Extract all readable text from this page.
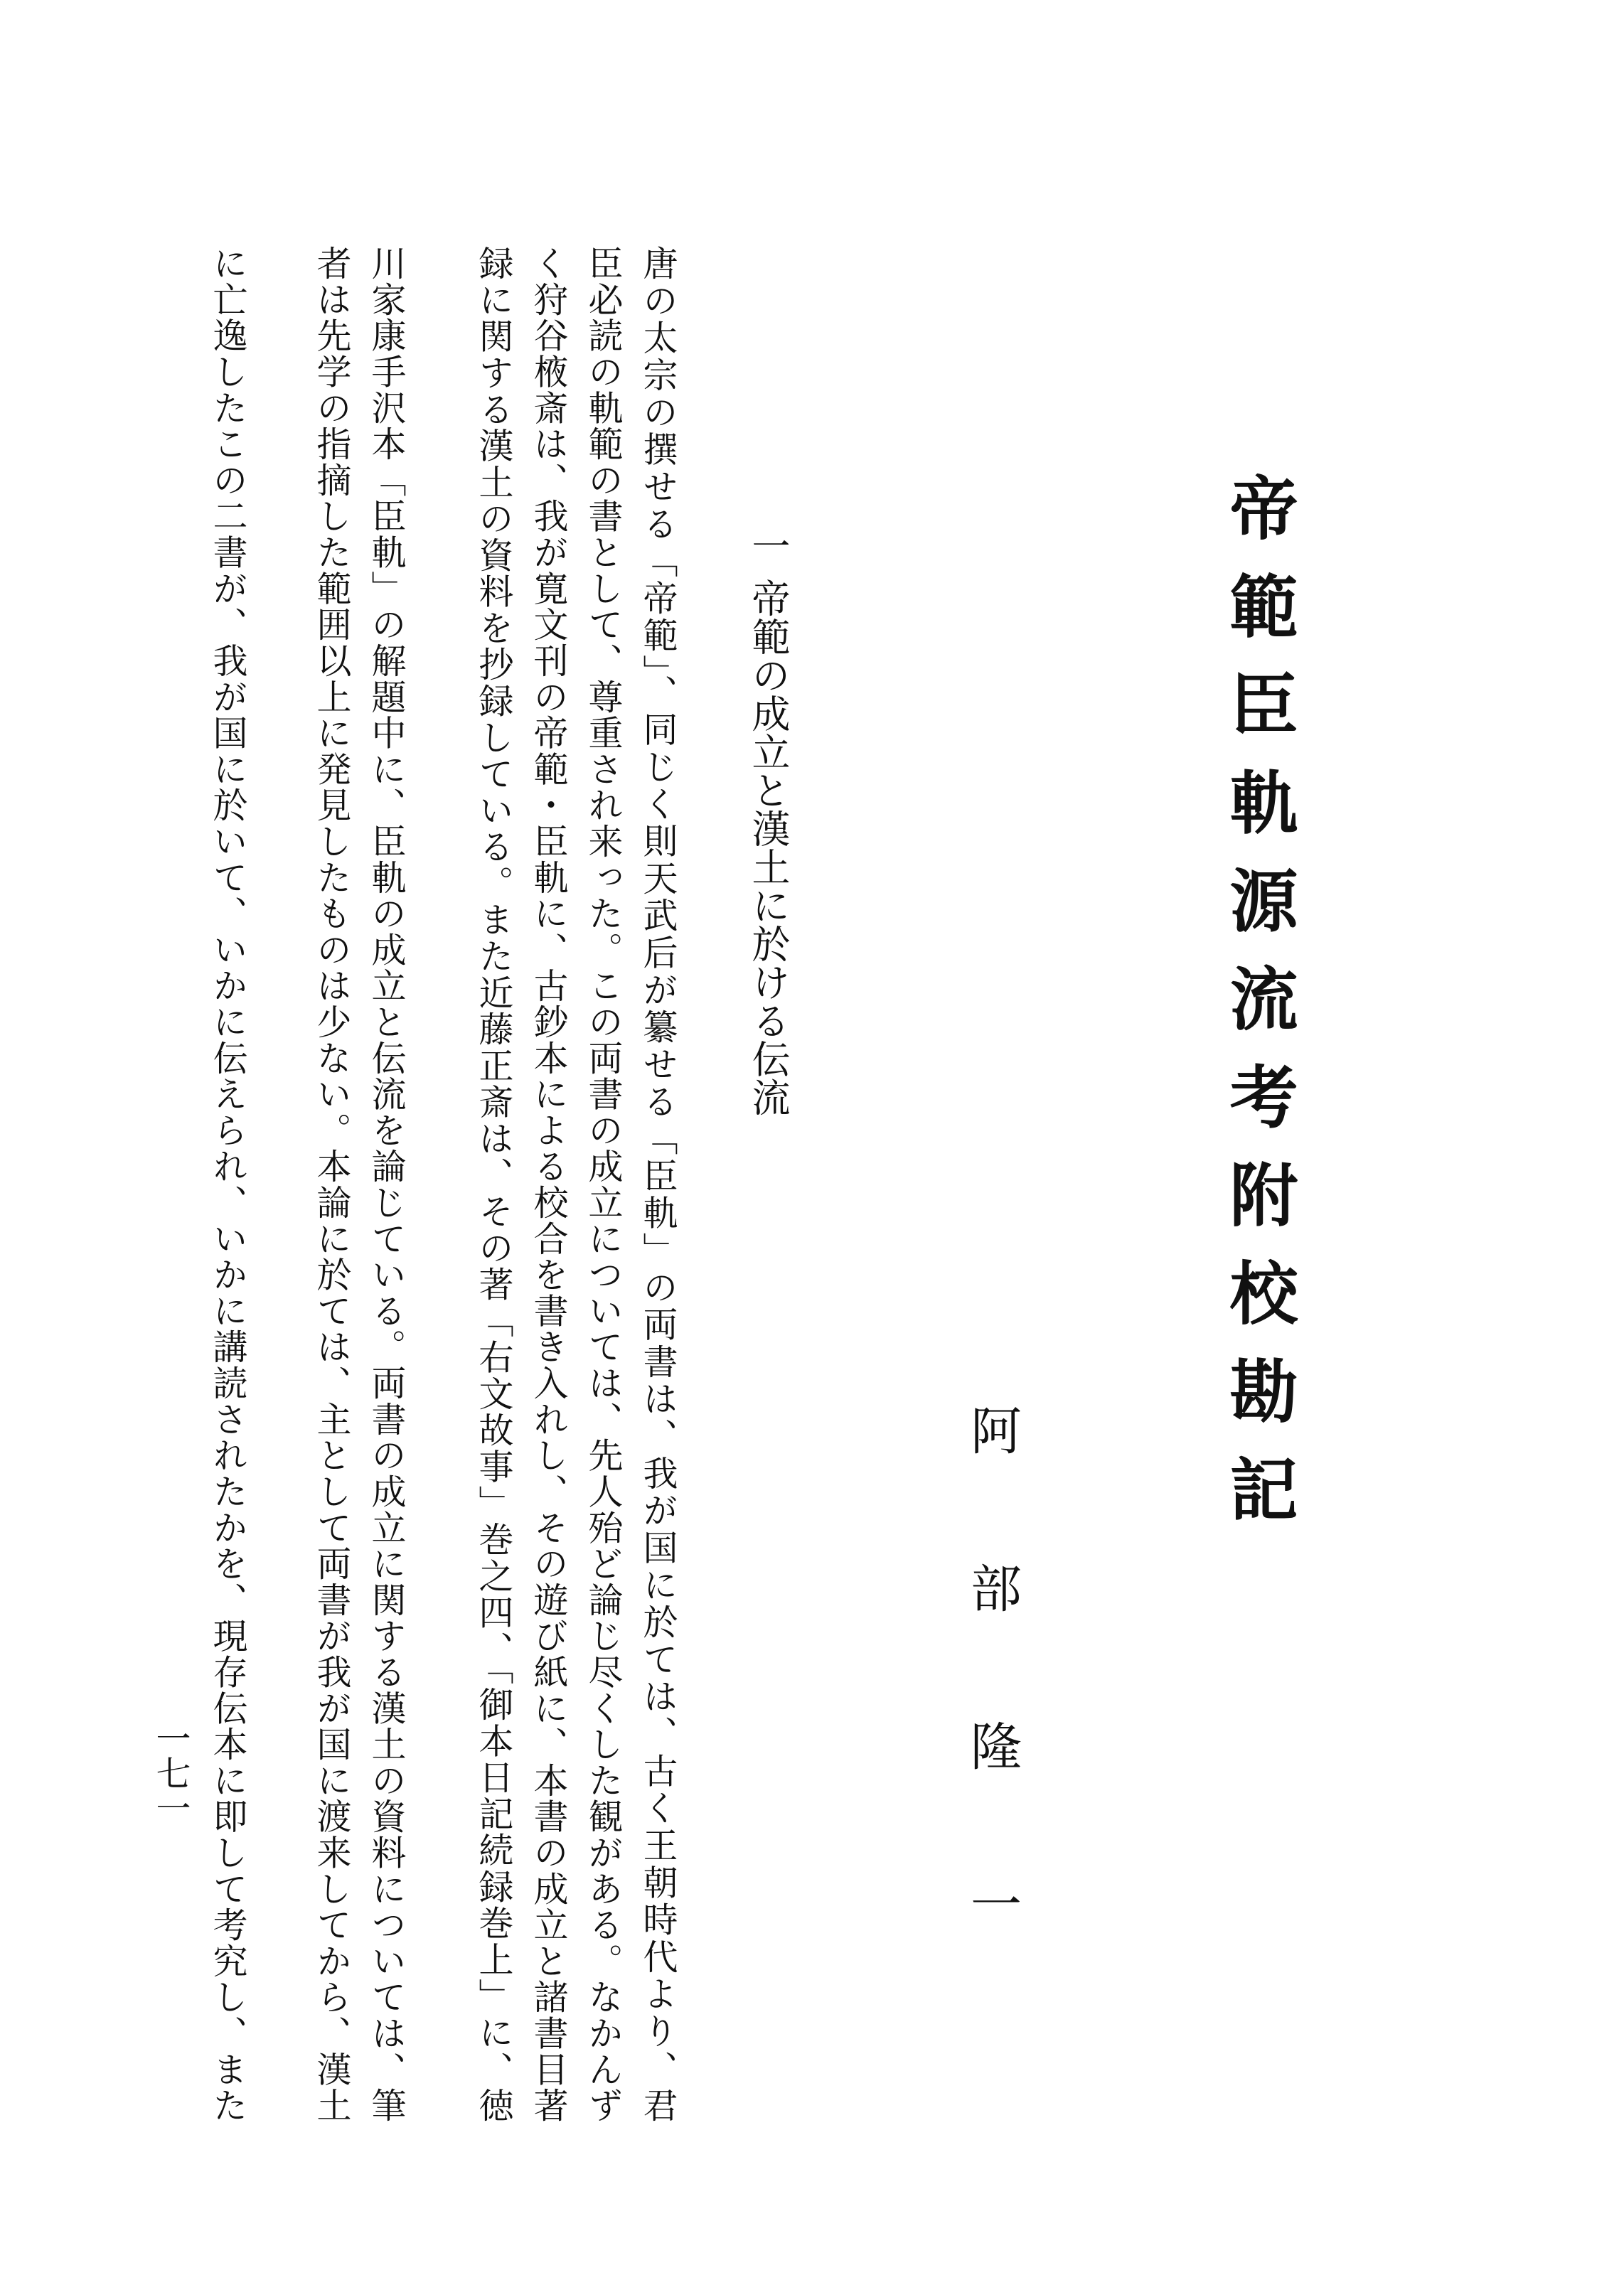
帝範臣軌源流考附校勘記
阿部隆一
一帝範の成立と漢土に於ける伝流
唐の太宗の撰せる「帝範」、同じく則天武后が纂せる「臣軌」の両書は、我が国に於ては、古く王朝時代より、君
臣必読の軌範の書として、尊重され来った。この両書の成立については、先人殆ど論じ尽くした観がある。なかんず
く狩谷棭斎は、我が寛文刊の帝範・臣軌に、古鈔本による校合を書き入れし、その遊び紙に、本書の成立と諸書目著
録に関する漢土の資料を抄録している。また近藤正斎は、その著「右文故事」巻之四、「御本日記続録巻上」に、徳
川家康手沢本「臣軌」の解題中に、臣軌の成立と伝流を論じている。両書の成立に関する漢土の資料については、筆
者は先学の指摘した範囲以上に発見したものは少ない。本論に於ては、主として両書が我が国に渡来してから、漢土
に亡逸したこの二書が、我が国に於いて、いかに伝えられ、いかに講読されたかを、現存伝本に即して考究し、また
一七一
